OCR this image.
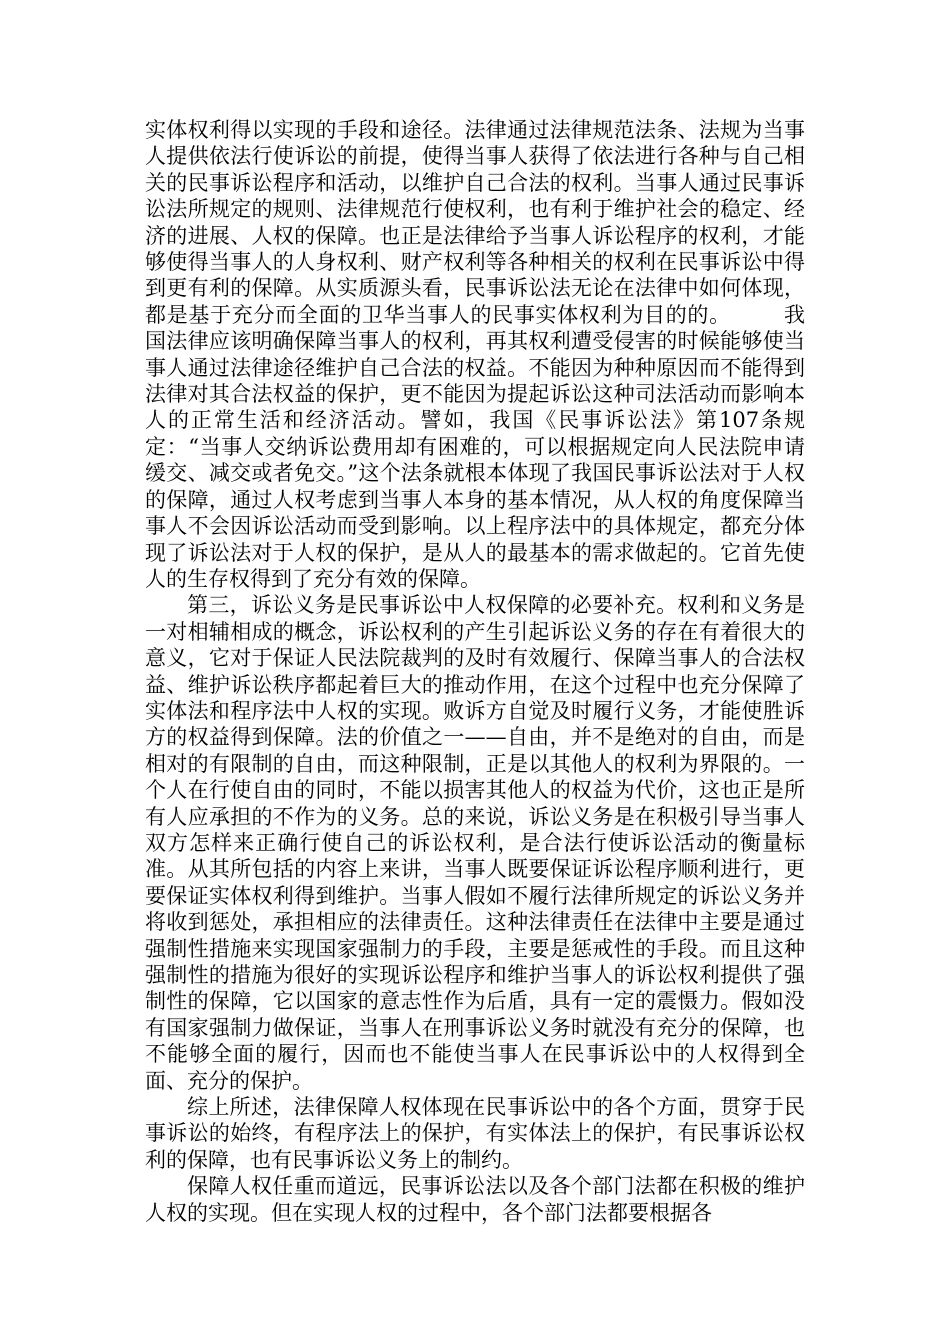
实体权利得以实现的手段和途径。法律通过法律规范法条、法规为当事人提供依法行使诉讼的前提，使得当事人获得了依法进行各种与自己相关的民事诉讼程序和活动，以维护自己合法的权利。当事人通过民事诉讼法所规定的规则、法律规范行使权利，也有利于维护社会的稳定、经济的进展、人权的保障。也正是法律给予当事人诉讼程序的权利，才能够使得当事人的人身权利、财产权利等各种相关的权利在民事诉讼中得到更有利的保障。从实质源头看，民事诉讼法无论在法律中如何体现，都是基于充分而全面的卫华当事人的民事实体权利为目的的。	我国法律应该明确保障当事人的权利，再其权利遭受侵害的时候能够使当事人通过法律途径维护自己合法的权益。不能因为种种原因而不能得到法律对其合法权益的保护，更不能因为提起诉讼这种司法活动而影响本人的正常生活和经济活动。譬如，我国《民事诉讼法》第107条规定：“当事人交纳诉讼费用却有困难的，可以根据规定向人民法院申请缓交、减交或者免交。”这个法条就根本体现了我国民事诉讼法对于人权的保障，通过人权考虑到当事人本身的基本情况，从人权的角度保障当事人不会因诉讼活动而受到影响。以上程序法中的具体规定，都充分体现了诉讼法对于人权的保护，是从人的最基本的需求做起的。它首先使人的生存权得到了充分有效的保障。

第三，诉讼义务是民事诉讼中人权保障的必要补充。权利和义务是一对相辅相成的概念，诉讼权利的产生引起诉讼义务的存在有着很大的意义，它对于保证人民法院裁判的及时有效履行、保障当事人的合法权益、维护诉讼秩序都起着巨大的推动作用，在这个过程中也充分保障了实体法和程序法中人权的实现。败诉方自觉及时履行义务，才能使胜诉方的权益得到保障。法的价值之一——自由，并不是绝对的自由，而是相对的有限制的自由，而这种限制，正是以其他人的权利为界限的。一个人在行使自由的同时，不能以损害其他人的权益为代价，这也正是所有人应承担的不作为的义务。总的来说，诉讼义务是在积极引导当事人双方怎样来正确行使自己的诉讼权利，是合法行使诉讼活动的衡量标准。从其所包括的内容上来讲，当事人既要保证诉讼程序顺利进行，更要保证实体权利得到维护。当事人假如不履行法律所规定的诉讼义务并将收到惩处，承担相应的法律责任。这种法律责任在法律中主要是通过强制性措施来实现国家强制力的手段，主要是惩戒性的手段。而且这种强制性的措施为很好的实现诉讼程序和维护当事人的诉讼权利提供了强制性的保障，它以国家的意志性作为后盾，具有一定的震慑力。假如没有国家强制力做保证，当事人在刑事诉讼义务时就没有充分的保障，也不能够全面的履行，因而也不能使当事人在民事诉讼中的人权得到全面、充分的保护。

综上所述，法律保障人权体现在民事诉讼中的各个方面，贯穿于民事诉讼的始终，有程序法上的保护，有实体法上的保护，有民事诉讼权利的保障，也有民事诉讼义务上的制约。

保障人权任重而道远，民事诉讼法以及各个部门法都在积极的维护人权的实现。但在实现人权的过程中，各个部门法都要根据各
